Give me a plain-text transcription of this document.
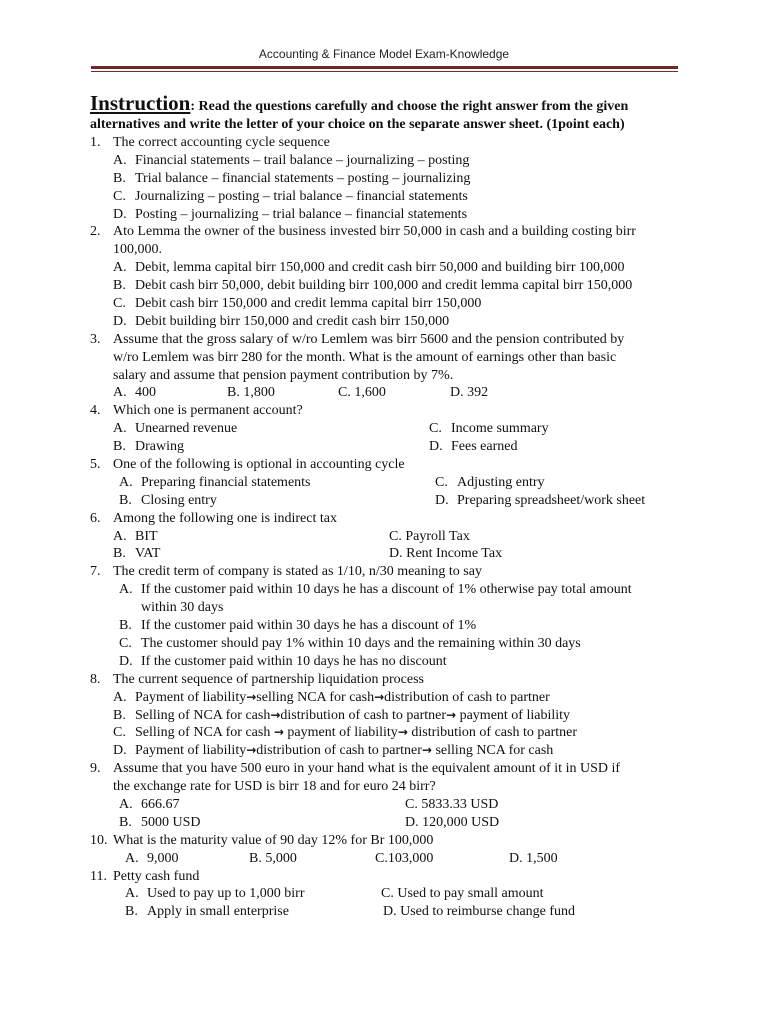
Accounting & Finance Model Exam-Knowledge
Instruction: Read the questions carefully and choose the right answer from the given alternatives and write the letter of your choice on the separate answer sheet. (1point each)
1. The correct accounting cycle sequence
A. Financial statements – trail balance – journalizing – posting
B. Trial balance – financial statements – posting – journalizing
C. Journalizing – posting – trial balance – financial statements
D. Posting – journalizing – trial balance – financial statements
2. Ato Lemma the owner of the business invested birr 50,000 in cash and a building costing birr
100,000.
A. Debit, lemma capital birr 150,000 and credit cash birr 50,000 and building birr 100,000
B. Debit cash birr 50,000, debit building birr 100,000 and credit lemma capital birr 150,000
C. Debit cash birr 150,000 and credit lemma capital birr 150,000
D. Debit building birr 150,000 and credit cash birr 150,000
3. Assume that the gross salary of w/ro Lemlem was birr 5600 and the pension contributed by
w/ro Lemlem was birr 280 for the month. What is the amount of earnings other than basic
salary and assume that pension payment contribution by 7%.
A. 400	B. 1,800	C. 1,600	D. 392
4. Which one is permanent account?
A. Unearned revenue	C. Income summary
B. Drawing	D. Fees earned
5. One of the following is optional in accounting cycle
A. Preparing financial statements	C. Adjusting entry
B. Closing entry	D. Preparing spreadsheet/work sheet
6. Among the following one is indirect tax
A. BIT	C. Payroll Tax
B. VAT	D. Rent Income Tax
7. The credit term of company is stated as 1/10, n/30 meaning to say
A. If the customer paid within 10 days he has a discount of 1% otherwise pay total amount
within 30 days
B. If the customer paid within 30 days he has a discount of 1%
C. The customer should pay 1% within 10 days and the remaining within 30 days
D. If the customer paid within 10 days he has no discount
8. The current sequence of partnership liquidation process
A. Payment of liability→selling NCA for cash→distribution of cash to partner
B. Selling of NCA for cash→distribution of cash to partner→ payment of liability
C. Selling of NCA for cash → payment of liability→ distribution of cash to partner
D. Payment of liability→distribution of cash to partner→ selling NCA for cash
9. Assume that you have 500 euro in your hand what is the equivalent amount of it in USD if
the exchange rate for USD is birr 18 and for euro 24 birr?
A. 666.67	C. 5833.33 USD
B. 5000 USD	D. 120,000 USD
10. What is the maturity value of 90 day 12% for Br 100,000
A. 9,000	B. 5,000	C.103,000	D. 1,500
11. Petty cash fund
A. Used to pay up to 1,000 birr	C. Used to pay small amount
B. Apply in small enterprise	D. Used to reimburse change fund
